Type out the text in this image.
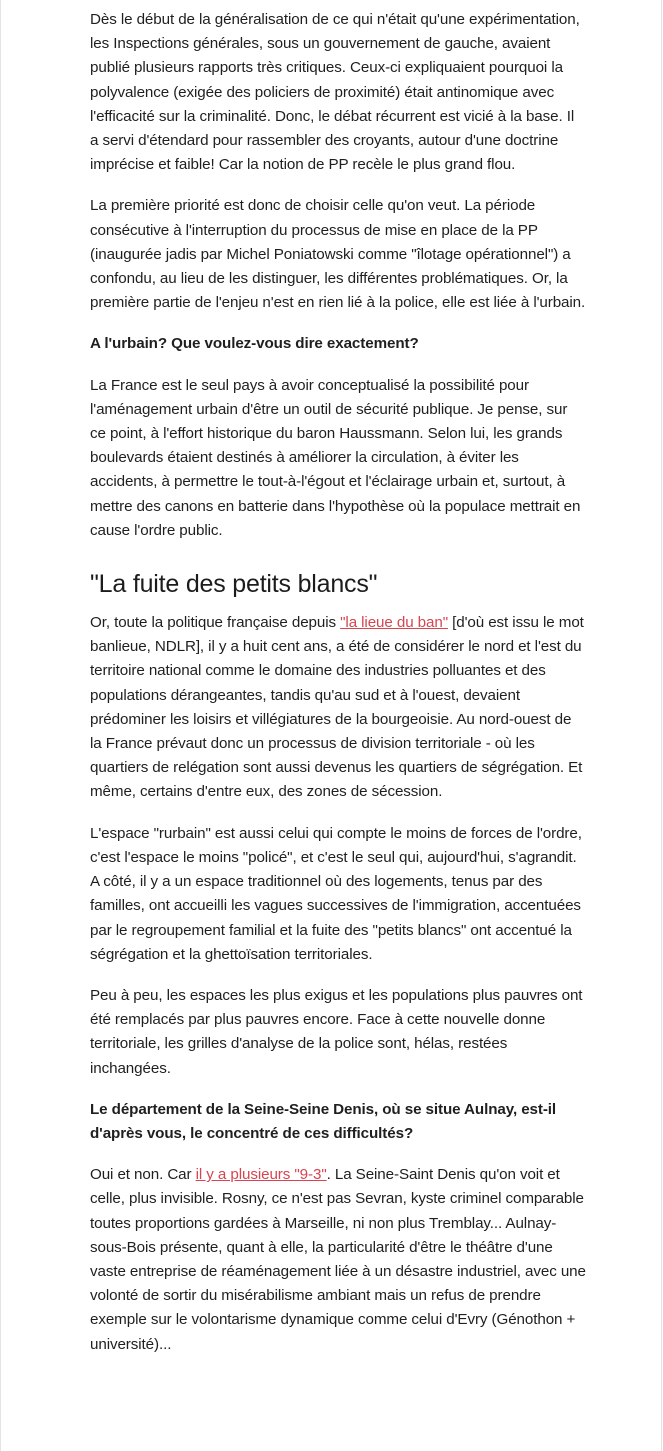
Dès le début de la généralisation de ce qui n'était qu'une expérimentation, les Inspections générales, sous un gouvernement de gauche, avaient publié plusieurs rapports très critiques. Ceux-ci expliquaient pourquoi la polyvalence (exigée des policiers de proximité) était antinomique avec l'efficacité sur la criminalité. Donc, le débat récurrent est vicié à la base. Il a servi d'étendard pour rassembler des croyants, autour d'une doctrine imprécise et faible! Car la notion de PP recèle le plus grand flou.

La première priorité est donc de choisir celle qu'on veut. La période consécutive à l'interruption du processus de mise en place de la PP (inaugurée jadis par Michel Poniatowski comme "îlotage opérationnel") a confondu, au lieu de les distinguer, les différentes problématiques. Or, la première partie de l'enjeu n'est en rien lié à la police, elle est liée à l'urbain.

A l'urbain? Que voulez-vous dire exactement?

La France est le seul pays à avoir conceptualisé la possibilité pour l'aménagement urbain d'être un outil de sécurité publique. Je pense, sur ce point, à l'effort historique du baron Haussmann. Selon lui, les grands boulevards étaient destinés à améliorer la circulation, à éviter les accidents, à permettre le tout-à-l'égout et l'éclairage urbain et, surtout, à mettre des canons en batterie dans l'hypothèse où la populace mettrait en cause l'ordre public.

"La fuite des petits blancs"

Or, toute la politique française depuis "la lieue du ban" [d'où est issu le mot banlieue, NDLR], il y a huit cent ans, a été de considérer le nord et l'est du territoire national comme le domaine des industries polluantes et des populations dérangeantes, tandis qu'au sud et à l'ouest, devaient prédominer les loisirs et villégiatures de la bourgeoisie. Au nord-ouest de la France prévaut donc un processus de division territoriale - où les quartiers de relégation sont aussi devenus les quartiers de ségrégation. Et même, certains d'entre eux, des zones de sécession.

L'espace "rurbain" est aussi celui qui compte le moins de forces de l'ordre, c'est l'espace le moins "policé", et c'est le seul qui, aujourd'hui, s'agrandit. A côté, il y a un espace traditionnel où des logements, tenus par des familles, ont accueilli les vagues successives de l'immigration, accentuées par le regroupement familial et la fuite des "petits blancs" ont accentué la ségrégation et la ghettoïsation territoriales.

Peu à peu, les espaces les plus exigus et les populations plus pauvres ont été remplacés par plus pauvres encore. Face à cette nouvelle donne territoriale, les grilles d'analyse de la police sont, hélas, restées inchangées.

Le département de la Seine-Seine Denis, où se situe Aulnay, est-il d'après vous, le concentré de ces difficultés?

Oui et non. Car il y a plusieurs "9-3". La Seine-Saint Denis qu'on voit et celle, plus invisible. Rosny, ce n'est pas Sevran, kyste criminel comparable toutes proportions gardées à Marseille, ni non plus Tremblay... Aulnay-sous-Bois présente, quant à elle, la particularité d'être le théâtre d'une vaste entreprise de réaménagement liée à un désastre industriel, avec une volonté de sortir du misérabilisme ambiant mais un refus de prendre exemple sur le volontarisme dynamique comme celui d'Evry (Génothon + université)...
